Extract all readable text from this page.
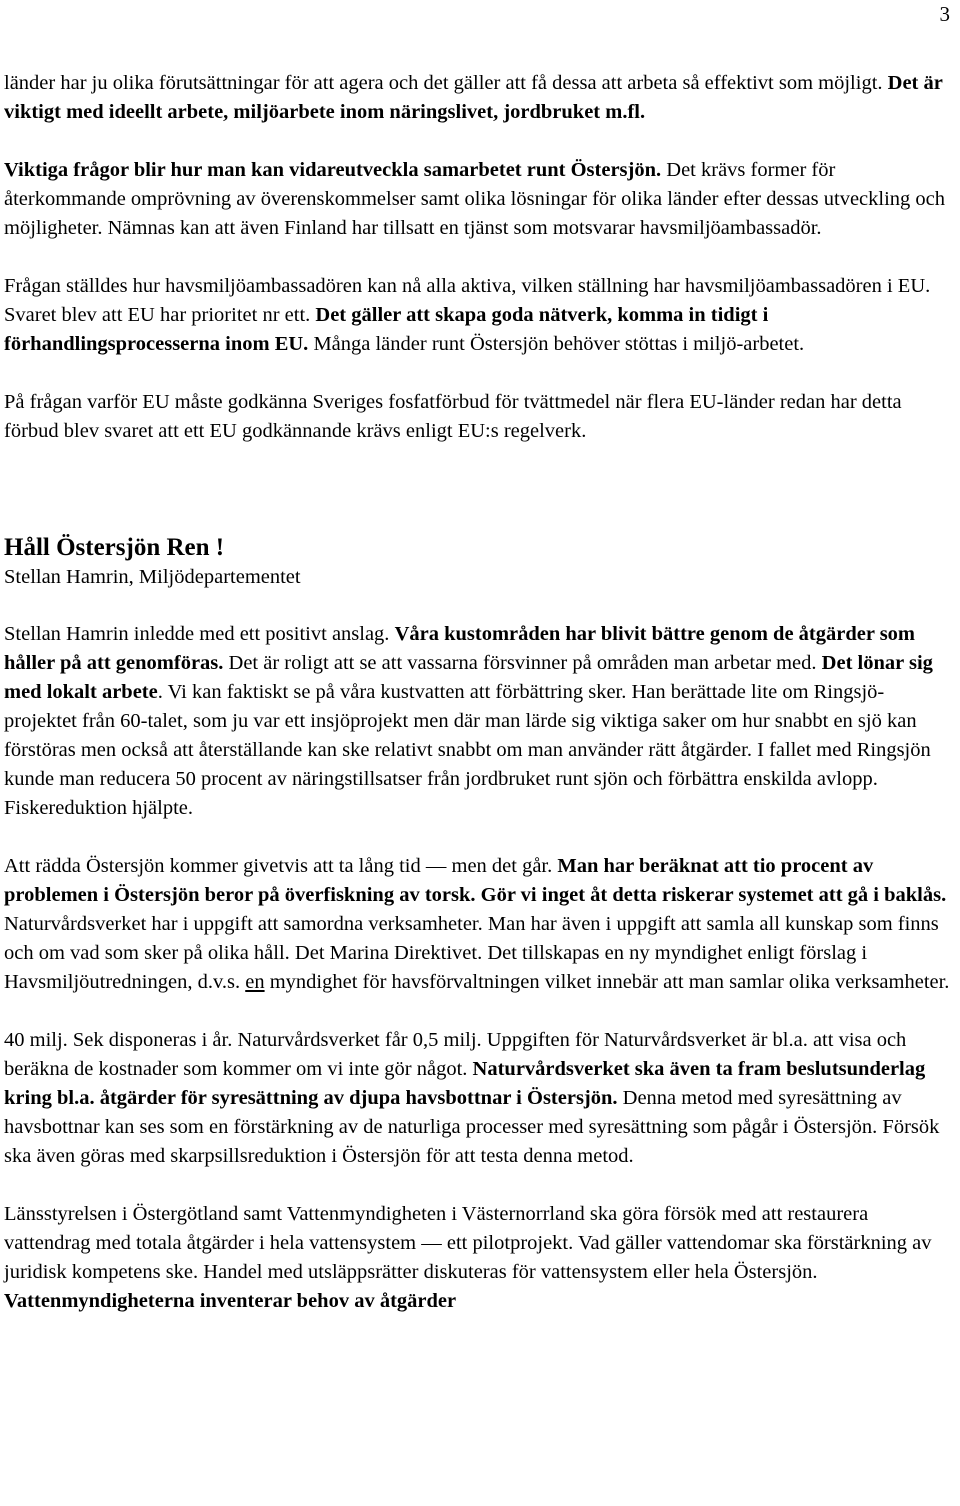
3

länder har ju olika förutsättningar för att agera och det gäller att få dessa att arbeta så effektivt som möjligt. Det är viktigt med ideellt arbete, miljöarbete inom näringslivet, jordbruket m.fl.

Viktiga frågor blir hur man kan vidareutveckla samarbetet runt Östersjön. Det krävs former för återkommande omprövning av överenskommelser samt olika lösningar för olika länder efter dessas utveckling och möjligheter. Nämnas kan att även Finland har tillsatt en tjänst som motsvarar havsmiljöambassadör.

Frågan ställdes hur havsmiljöambassadören kan nå alla aktiva, vilken ställning har havsmiljöambassadören i EU. Svaret blev att EU har prioritet nr ett. Det gäller att skapa goda nätverk, komma in tidigt i förhandlingsprocesserna inom EU. Många länder runt Östersjön behöver stöttas i miljö-arbetet.

På frågan varför EU måste godkänna Sveriges fosfatförbud för tvättmedel när flera EU-länder redan har detta förbud blev svaret att ett EU godkännande krävs enligt EU:s regelverk.

Håll Östersjön Ren !

Stellan Hamrin, Miljödepartementet

Stellan Hamrin inledde med ett positivt anslag. Våra kustområden har blivit bättre genom de åtgärder som håller på att genomföras. Det är roligt att se att vassarna försvinner på områden man arbetar med. Det lönar sig med lokalt arbete. Vi kan faktiskt se på våra kustvatten att förbättring sker. Han berättade lite om Ringsjö-projektet från 60-talet, som ju var ett insjöprojekt men där man lärde sig viktiga saker om hur snabbt en sjö kan förstöras men också att återställande kan ske relativt snabbt om man använder rätt åtgärder. I fallet med Ringsjön kunde man reducera 50 procent av näringstillsatser från jordbruket runt sjön och förbättra enskilda avlopp. Fiskereduktion hjälpte.

Att rädda Östersjön kommer givetvis att ta lång tid — men det går. Man har beräknat att tio procent av problemen i Östersjön beror på överfiskning av torsk. Gör vi inget åt detta riskerar systemet att gå i baklås. Naturvårdsverket har i uppgift att samordna verksamheter. Man har även i uppgift att samla all kunskap som finns och om vad som sker på olika håll. Det Marina Direktivet. Det tillskapas en ny myndighet enligt förslag i Havsmiljöutredningen, d.v.s. en myndighet för havsförvaltningen vilket innebär att man samlar olika verksamheter.

40 milj. Sek disponeras i år. Naturvårdsverket får 0,5 milj. Uppgiften för Naturvårdsverket är bl.a. att visa och beräkna de kostnader som kommer om vi inte gör något. Naturvårdsverket ska även ta fram beslutsunderlag kring bl.a. åtgärder för syresättning av djupa havsbottnar i Östersjön. Denna metod med syresättning av havsbottnar kan ses som en förstärkning av de naturliga processer med syresättning som pågår i Östersjön. Försök ska även göras med skarpsillsreduktion i Östersjön för att testa denna metod.

Länsstyrelsen i Östergötland samt Vattenmyndigheten i Västernorrland ska göra försök med att restaurera vattendrag med totala åtgärder i hela vattensystem — ett pilotprojekt. Vad gäller vattendomar ska förstärkning av juridisk kompetens ske. Handel med utsläppsrätter diskuteras för vattensystem eller hela Östersjön. Vattenmyndigheterna inventerar behov av åtgärder
